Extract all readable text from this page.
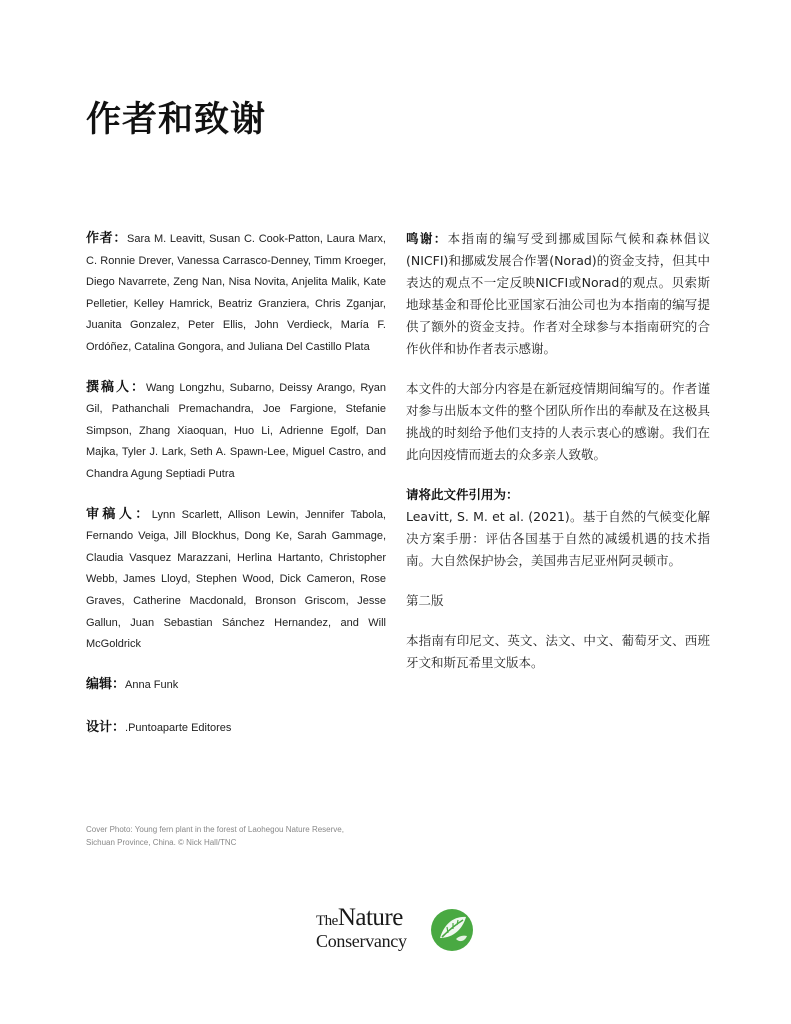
作者和致谢

作者：Sara M. Leavitt, Susan C. Cook-Patton, Laura Marx, C. Ronnie Drever, Vanessa Carrasco-Denney, Timm Kroeger, Diego Navarrete, Zeng Nan, Nisa Novita, Anjelita Malik, Kate Pelletier, Kelley Hamrick, Beatriz Granziera, Chris Zganjar, Juanita Gonzalez, Peter Ellis, John Verdieck, María F. Ordóñez, Catalina Gongora, and Juliana Del Castillo Plata

撰稿人：Wang Longzhu, Subarno, Deissy Arango, Ryan Gil, Pathanchali Premachandra, Joe Fargione, Stefanie Simpson, Zhang Xiaoquan, Huo Li, Adrienne Egolf, Dan Majka, Tyler J. Lark, Seth A. Spawn-Lee, Miguel Castro, and Chandra Agung Septiadi Putra

审稿人：Lynn Scarlett, Allison Lewin, Jennifer Tabola, Fernando Veiga, Jill Blockhus, Dong Ke, Sarah Gammage, Claudia Vasquez Marazzani, Herlina Hartanto, Christopher Webb, James Lloyd, Stephen Wood, Dick Cameron, Rose Graves, Catherine Macdonald, Bronson Griscom, Jesse Gallun, Juan Sebastian Sánchez Hernandez, and Will McGoldrick

编辑：Anna Funk

设计：.Puntoaparte Editores

鸣谢：本指南的编写受到挪威国际气候和森林倡议(NICFI)和挪威发展合作署(Norad)的资金支持，但其中表达的观点不一定反映NICFI或Norad的观点。贝索斯地球基金和哥伦比亚国家石油公司也为本指南的编写提供了额外的资金支持。作者对全球参与本指南研究的合作伙伴和协作者表示感谢。

本文件的大部分内容是在新冠疫情期间编写的。作者谨对参与出版本文件的整个团队所作出的奉献及在这极具挑战的时刻给予他们支持的人表示衷心的感谢。我们在此向因疫情而逝去的众多亲人致敬。

请将此文件引用为：

Leavitt, S. M. et al. (2021)。基于自然的气候变化解决方案手册：评估各国基于自然的减缓机遇的技术指南。大自然保护协会，美国弗吉尼亚州阿灵顿市。

第二版

本指南有印尼文、英文、法文、中文、葡萄牙文、西班牙文和斯瓦希里文版本。

Cover Photo: Young fern plant in the forest of Laohegou Nature Reserve,
Sichuan Province, China. © Nick Hall/TNC
TheNature
Conservancy
